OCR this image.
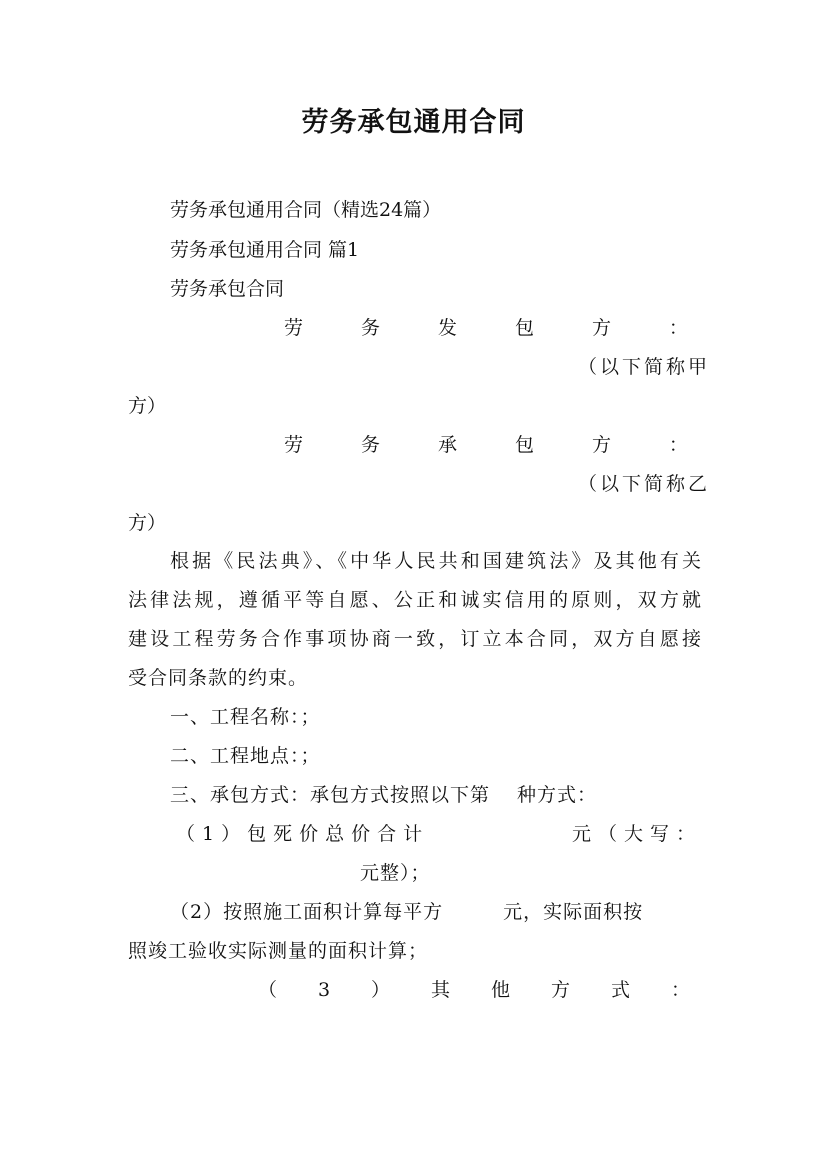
劳务承包通用合同
劳务承包通用合同（精选24篇）
劳务承包通用合同 篇1
劳务承包合同
劳	务	发	包	方	：
（以下简称甲
方）
劳	务	承	包	方	：
（以下简称乙
方）
根据《民法典》、《中华人民共和国建筑法》及其他有关
法律法规，遵循平等自愿、公正和诚实信用的原则，双方就
建设工程劳务合作事项协商一致，订立本合同，双方自愿接
受合同条款的约束。
一、工程名称：；
二、工程地点：；
三、承包方式：承包方式按照以下第　 种方式：
（1）包死价总价合计	元（大写：
元整）；
（2）按照施工面积计算每平方　　　元，实际面积按
照竣工验收实际测量的面积计算；
（ 3 ） 其 他 方 式 ：
